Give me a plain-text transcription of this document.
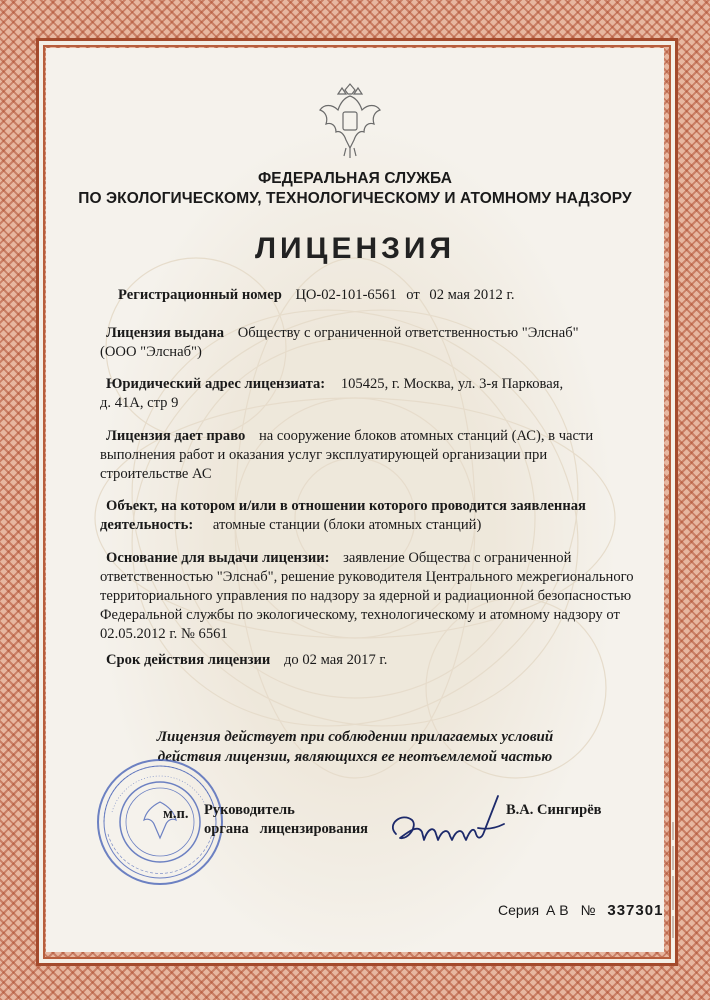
ФЕДЕРАЛЬНАЯ СЛУЖБА
ПО ЭКОЛОГИЧЕСКОМУ, ТЕХНОЛОГИЧЕСКОМУ И АТОМНОМУ НАДЗОРУ
ЛИЦЕНЗИЯ
Регистрационный номер ЦО-02-101-6561 от 02 мая 2012 г.
Лицензия выдана Обществу с ограниченной ответственностью "Элснаб"
(ООО "Элснаб")
Юридический адрес лицензиата: 105425, г. Москва, ул. 3-я Парковая,
д. 41А, стр 9
Лицензия дает право на сооружение блоков атомных станций (АС), в части
выполнения работ и оказания услуг эксплуатирующей организации при
строительстве АС
Объект, на котором и/или в отношении которого проводится заявленная
деятельность: атомные станции (блоки атомных станций)
Основание для выдачи лицензии: заявление Общества с ограниченной
ответственностью "Элснаб", решение руководителя Центрального межрегионального
территориального управления по надзору за ядерной и радиационной безопасностью
Федеральной службы по экологическому, технологическому и атомному надзору от
02.05.2012 г. № 6561
Срок действия лицензии до 02 мая 2017 г.
Лицензия действует при соблюдении прилагаемых условий
действия лицензии, являющихся ее неотъемлемой частью
м.п. Руководитель
органа   лицензирования
В.А. Сингирёв
Серия А В № 337301
